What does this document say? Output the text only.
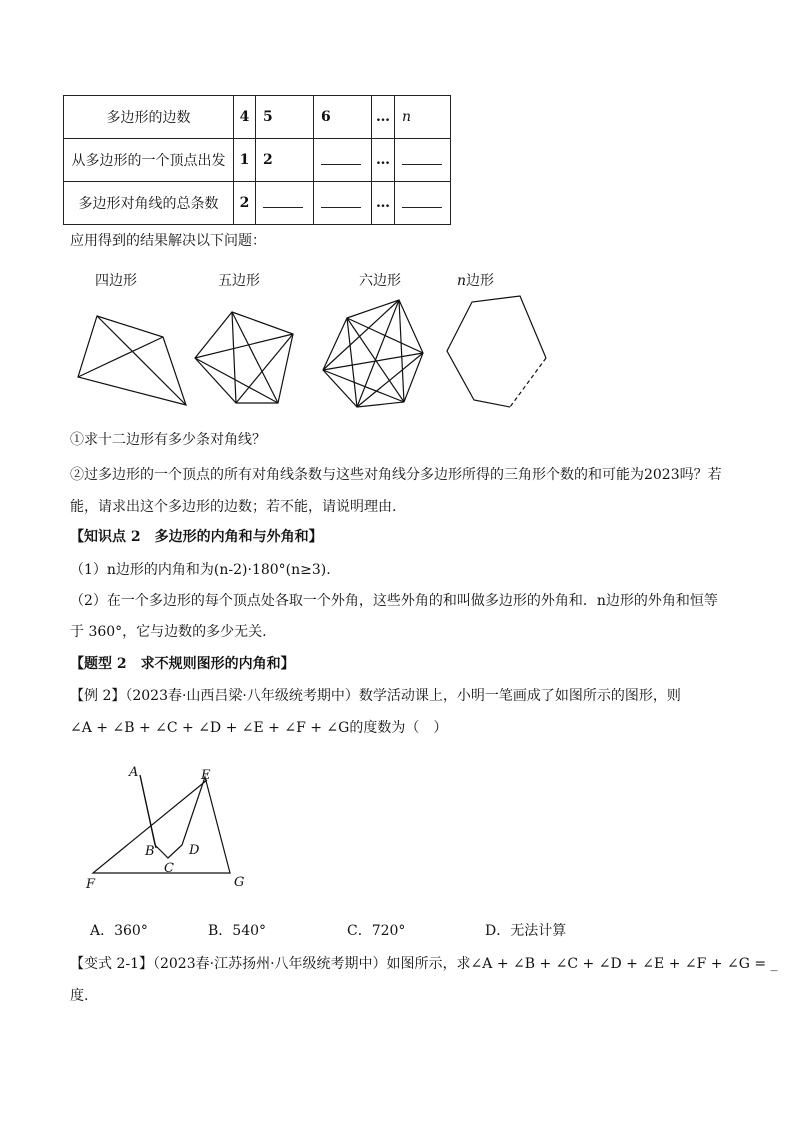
多边形的边数	4	5	6	…	n
从多边形的一个顶点出发	1	2		…	
多边形对角线的总条数	2			…	
应用得到的结果解决以下问题：
四边形	五边形	六边形	n边形
①求十二边形有多少条对角线？
②过多边形的一个顶点的所有对角线条数与这些对角线分多边形所得的三角形个数的和可能为2023吗？若
能，请求出这个多边形的边数；若不能，请说明理由.
【知识点 2　多边形的内角和与外角和】
（1）n边形的内角和为(n-2)·180°(n≥3).
（2）在一个多边形的每个顶点处各取一个外角，这些外角的和叫做多边形的外角和．n边形的外角和恒等
于 360°，它与边数的多少无关.
【题型 2　求不规则图形的内角和】
【例 2】（2023春·山西吕梁·八年级统考期中）数学活动课上，小明一笔画成了如图所示的图形，则
∠A + ∠B + ∠C + ∠D + ∠E + ∠F + ∠G的度数为（　）
A	E
B	D
C
F	G
A．360°	B．540°	C．720°	D．无法计算
【变式 2-1】（2023春·江苏扬州·八年级统考期中）如图所示，求∠A + ∠B + ∠C + ∠D + ∠E + ∠F + ∠G = _
度.
